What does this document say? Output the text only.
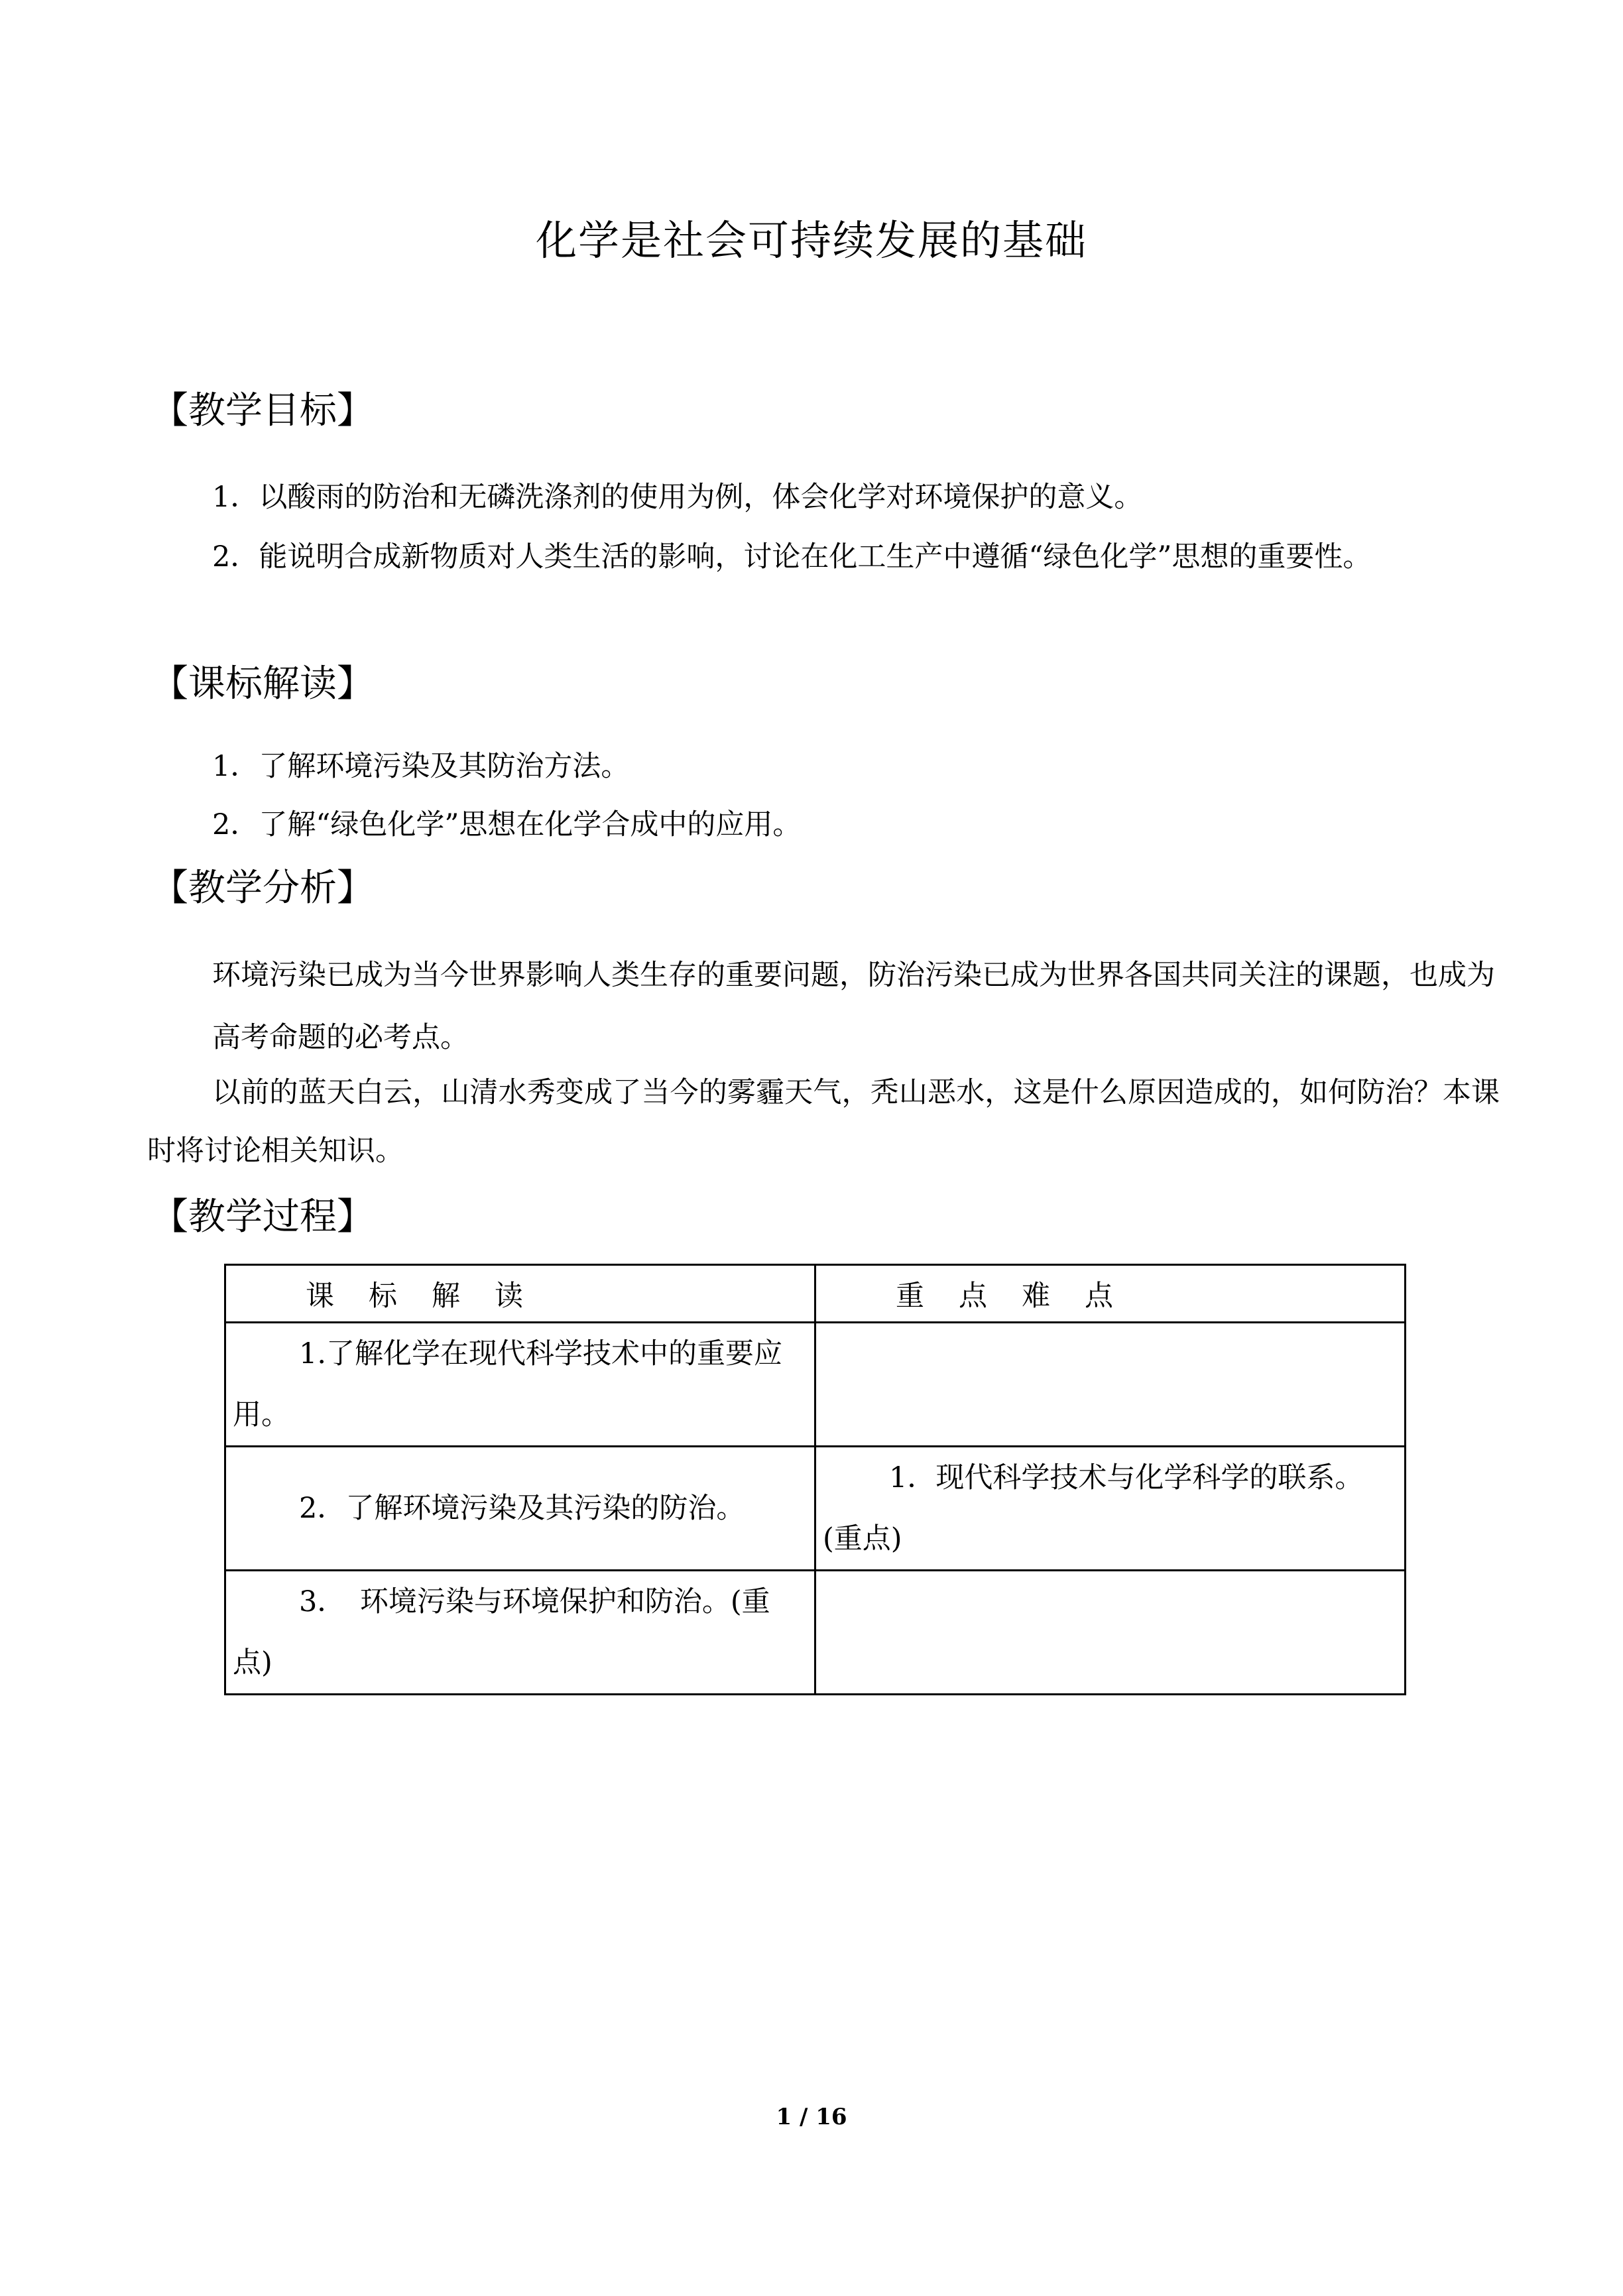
化学是社会可持续发展的基础
【教学目标】

1．以酸雨的防治和无磷洗涤剂的使用为例，体会化学对环境保护的意义。

2．能说明合成新物质对人类生活的影响，讨论在化工生产中遵循“绿色化学”思想的重要性。

【课标解读】

1．了解环境污染及其防治方法。

2．了解“绿色化学”思想在化学合成中的应用。

【教学分析】

环境污染已成为当今世界影响人类生存的重要问题，防治污染已成为世界各国共同关注的课题，也成为高考命题的必考点。

以前的蓝天白云，山清水秀变成了当今的雾霾天气，秃山恶水，这是什么原因造成的，如何防治？本课时将讨论相关知识。

【教学过程】
课标解读	重点难点
1.了解化学在现代科学技术中的重要应用。	
2．了解环境污染及其污染的防治。	1．现代科学技术与化学科学的联系。(重点)
3．　环境污染与环境保护和防治。(重点)	
1 / 16
